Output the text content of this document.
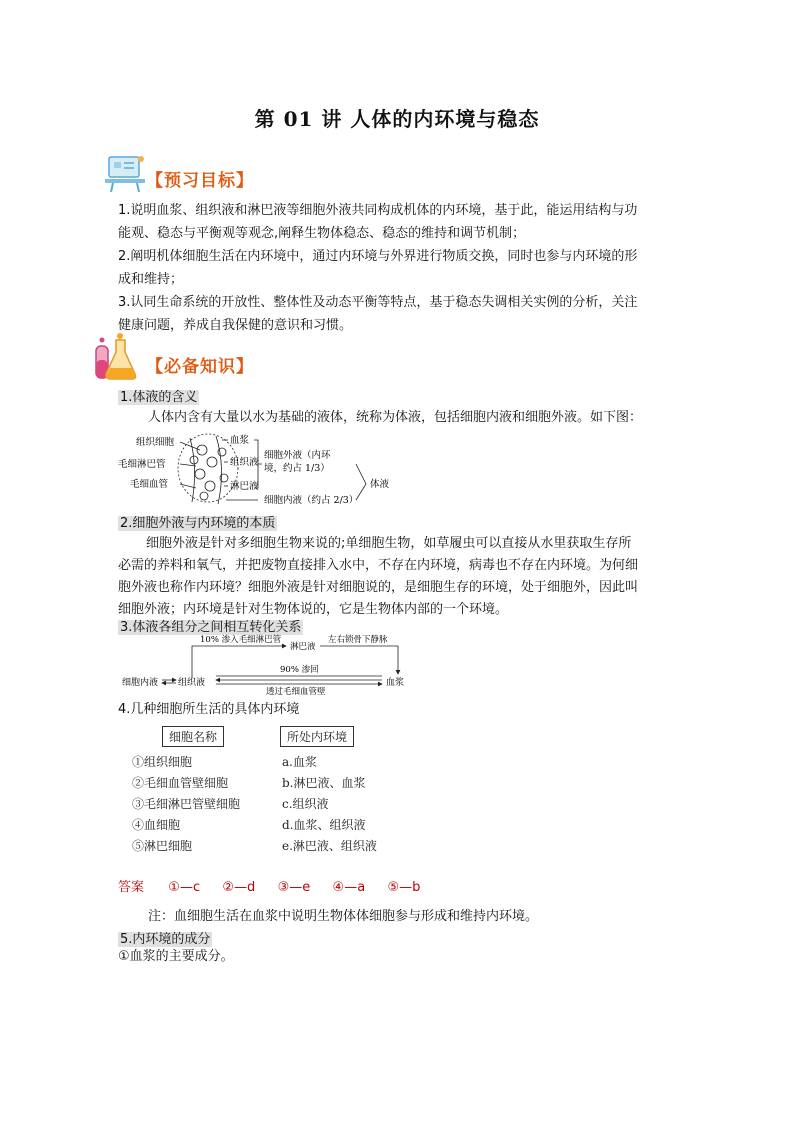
第 01 讲 人体的内环境与稳态
【预习目标】
1.说明血浆、组织液和淋巴液等细胞外液共同构成机体的内环境，基于此，能运用结构与功
能观、稳态与平衡观等观念,阐释生物体稳态、稳态的维持和调节机制；
2.阐明机体细胞生活在内环境中，通过内环境与外界进行物质交换，同时也参与内环境的形
成和维持；
3.认同生命系统的开放性、整体性及动态平衡等特点，基于稳态失调相关实例的分析，关注
健康问题，养成自我保健的意识和习惯。
【必备知识】
1.体液的含义
人体内含有大量以水为基础的液体，统称为体液，包括细胞内液和细胞外液。如下图：
组织细胞
毛细淋巴管
毛细血管
血浆
组织液
淋巴液
细胞外液（内环
境，约占 1/3）
细胞内液（约占 2/3）
体液
2.细胞外液与内环境的本质
细胞外液是针对多细胞生物来说的;单细胞生物，如草履虫可以直接从水里获取生存所
必需的养料和氧气，并把废物直接排入水中，不存在内环境，病毒也不存在内环境。为何细
胞外液也称作内环境？细胞外液是针对细胞说的，是细胞生存的环境，处于细胞外，因此叫
细胞外液；内环境是针对生物体说的，它是生物体内部的一个环境。
3.体液各组分之间相互转化关系
10% 渗入毛细淋巴管
淋巴液
左右锁骨下静脉
细胞内液 组织液
90% 渗回
透过毛细血管壁
血浆
4.几种细胞所生活的具体内环境
细胞名称	所处内环境
①组织细胞
②毛细血管壁细胞
③毛细淋巴管壁细胞
④血细胞
⑤淋巴细胞
a.血浆
b.淋巴液、血浆
c.组织液
d.血浆、组织液
e.淋巴液、组织液
答案 ①—c ②—d ③—e ④—a ⑤—b
注：血细胞生活在血浆中说明生物体体细胞参与形成和维持内环境。
5.内环境的成分
①血浆的主要成分。
